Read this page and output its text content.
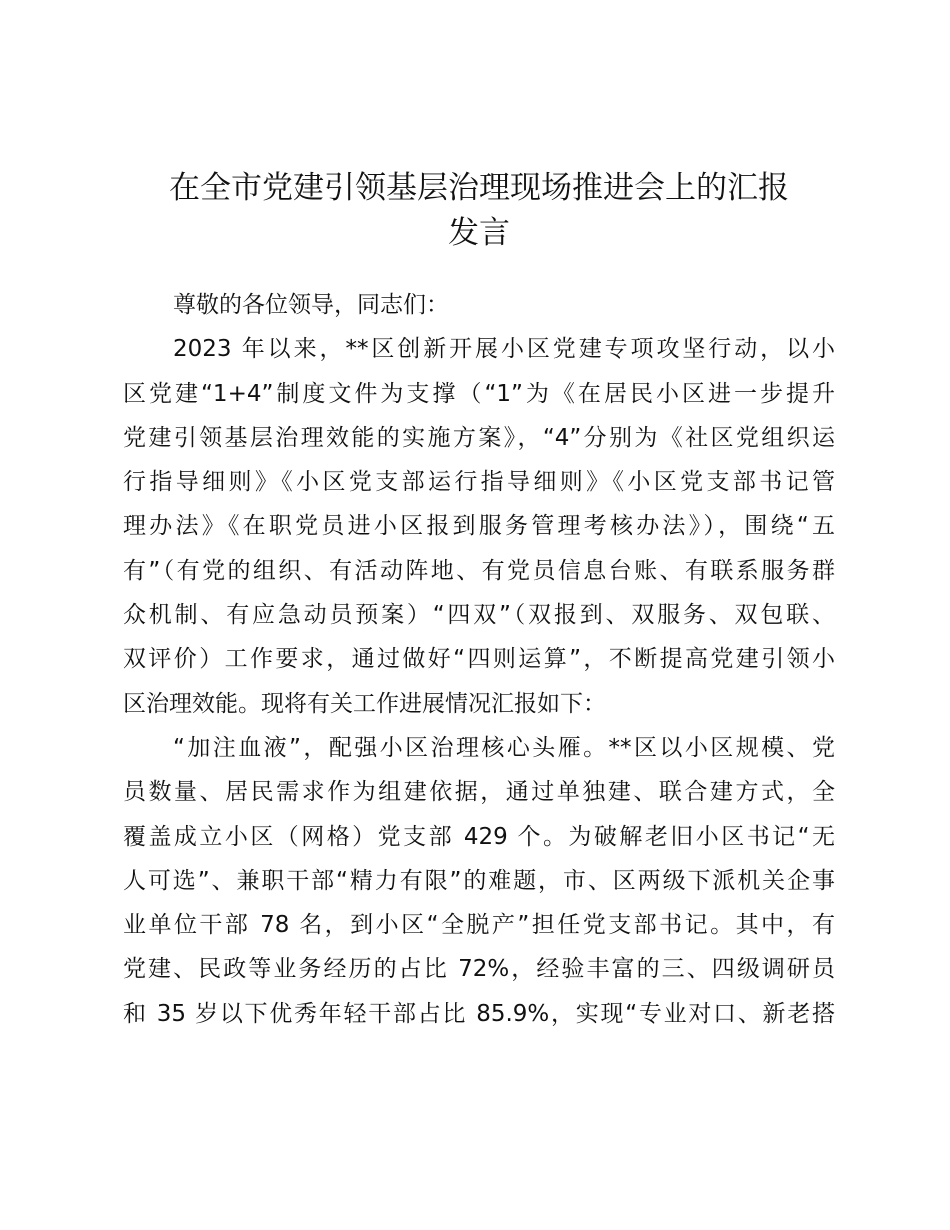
在全市党建引领基层治理现场推进会上的汇报
发言
尊敬的各位领导，同志们：
2023 年以来，**区创新开展小区党建专项攻坚行动，以小
区党建“1+4”制度文件为支撑（“1”为《在居民小区进一步提升
党建引领基层治理效能的实施方案》，“4”分别为《社区党组织运
行指导细则》《小区党支部运行指导细则》《小区党支部书记管
理办法》《在职党员进小区报到服务管理考核办法》），围绕“五
有”（有党的组织、有活动阵地、有党员信息台账、有联系服务群
众机制、有应急动员预案）“四双”（双报到、双服务、双包联、
双评价）工作要求，通过做好“四则运算”，不断提高党建引领小
区治理效能。现将有关工作进展情况汇报如下：
“加注血液”，配强小区治理核心头雁。**区以小区规模、党
员数量、居民需求作为组建依据，通过单独建、联合建方式，全
覆盖成立小区（网格）党支部 429 个。为破解老旧小区书记“无
人可选”、兼职干部“精力有限”的难题，市、区两级下派机关企事
业单位干部 78 名，到小区“全脱产”担任党支部书记。其中，有
党建、民政等业务经历的占比 72%，经验丰富的三、四级调研员
和 35 岁以下优秀年轻干部占比 85.9%，实现“专业对口、新老搭
